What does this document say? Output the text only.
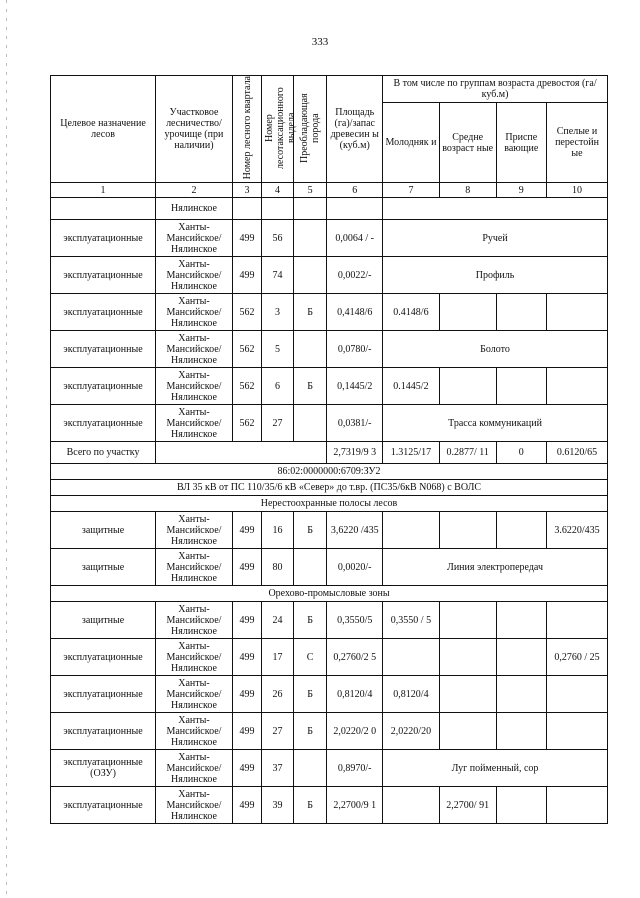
333
Целевое назначение лесов	Участковое лесничество/ урочище (при наличии)	Номер лесного квартала	Номер лесотаксационного выдела	Преобладающая порода	Площадь (га)/запас древесин ы (куб.м)	В том числе по группам возраста древостоя (га/куб.м)			
						Молодняк и	Средне возраст ные	Приспе вающие	Спелые и перестойн ые
1	2	3	4	5	6	7	8	9	10
	Нялинское								
эксплуатационные	Ханты-Мансийское/ Нялинское	499	56		0,0064 / -	Ручей			
эксплуатационные	Ханты-Мансийское/ Нялинское	499	74		0,0022/-	Профиль			
эксплуатационные	Ханты-Мансийское/ Нялинское	562	3	Б	0,4148/6	0.4148/6			
эксплуатационные	Ханты-Мансийское/ Нялинское	562	5		0,0780/-	Болото			
эксплуатационные	Ханты-Мансийское/ Нялинское	562	6	Б	0,1445/2	0.1445/2			
эксплуатационные	Ханты-Мансийское/ Нялинское	562	27		0,0381/-	Трасса коммуникаций			
Всего по участку					2,7319/9 3	1.3125/17	0.2877/ 11	0	0.6120/65
86:02:0000000:6709:ЗУ2									
ВЛ 35 кВ от ПС 110/35/6 кВ «Север» до т.вр. (ПС35/6кВ N068) с ВОЛС									
Нерестоохранные полосы лесов									
защитные	Ханты-Мансийское/ Нялинское	499	16	Б	3,6220 /435				3.6220/435
защитные	Ханты-Мансийское/ Нялинское	499	80		0,0020/-	Линия электропередач			
Орехово-промысловые зоны									
защитные	Ханты-Мансийское/ Нялинское	499	24	Б	0,3550/5	0,3550 / 5			
эксплуатационные	Ханты-Мансийское/ Нялинское	499	17	С	0,2760/2 5				0,2760 / 25
эксплуатационные	Ханты-Мансийское/ Нялинское	499	26	Б	0,8120/4	0,8120/4			
эксплуатационные	Ханты-Мансийское/ Нялинское	499	27	Б	2,0220/2 0	2,0220/20			
эксплуатационные (ОЗУ)	Ханты-Мансийское/ Нялинское	499	37		0,8970/-	Луг пойменный, сор			
эксплуатационные	Ханты-Мансийское/ Нялинское	499	39	Б	2,2700/9 1		2,2700/ 91		
